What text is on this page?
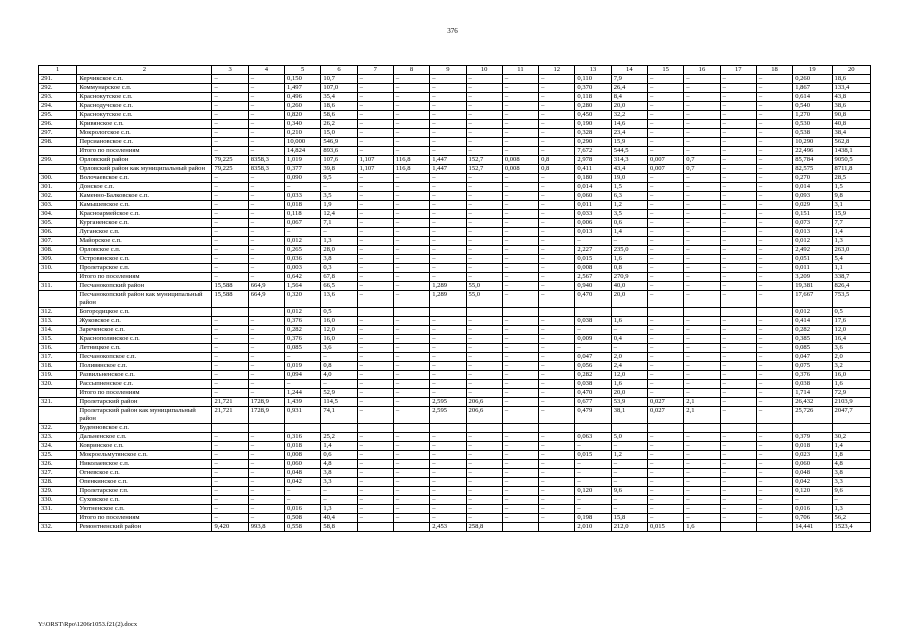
376
1	2	3	4	5	6	7	8	9	10	11	12	13	14	15	16	17	18	19	20
291.	Керчикское с.п.	–	–	0,150	10,7	–	–	–	–	–	–	0,110	7,9	–	–	–	–	0,260	18,6
292.	Коммунарское с.п.	–	–	1,497	107,0	–	–	–	–	–	–	0,370	26,4	–	–	–	–	1,867	133,4
293.	Краснокутское с.п.	–	–	0,496	35,4	–	–	–	–	–	–	0,118	8,4	–	–	–	–	0,614	43,8
294.	Краснодучское с.п.	–	–	0,260	18,6	–	–	–	–	–	–	0,280	20,0	–	–	–	–	0,540	38,6
295.	Краснокутское с.п.	–	–	0,820	58,6	–	–	–	–	–	–	0,450	32,2	–	–	–	–	1,270	90,8
296.	Кривянское с.п.	–	–	0,340	26,2	–	–	–	–	–	–	0,190	14,6	–	–	–	–	0,530	40,8
297.	Мокрологское с.п.	–	–	0,210	15,0	–	–	–	–	–	–	0,328	23,4	–	–	–	–	0,538	38,4
298.	Персиановское с.п.	–	–	10,000	546,9	–	–	–	–	–	–	0,290	15,9	–	–	–	–	10,290	562,8
	Итого по поселениям	–	–	14,824	893,6	–	–	–	–	–	–	7,672	544,5	–	–	–	–	22,496	1438,1
299.	Орловский район	79,225	8358,3	1,019	107,6	1,107	116,8	1,447	152,7	0,008	0,8	2,978	314,3	0,007	0,7	–	–	85,784	9050,5
	Орловский район как муниципальный район	79,225	8358,3	0,377	39,8	1,107	116,8	1,447	152,7	0,008	0,8	0,411	43,4	0,007	0,7	–	–	82,575	8711,8
300.	Волочаевское с.п.	–	–	0,090	9,5	–	–	–	–	–	–	0,180	19,0	–	–	–	–	0,270	28,5
301.	Донское с.п.	–	–	–	–	–	–	–	–	–	–	0,014	1,5	–	–	–	–	0,014	1,5
302.	Каменно-Балковское с.п.	–	–	0,033	3,5	–	–	–	–	–	–	0,060	6,3	–	–	–	–	0,093	9,8
303.	Камышевское с.п.	–	–	0,018	1,9	–	–	–	–	–	–	0,011	1,2	–	–	–	–	0,029	3,1
304.	Красноармейское с.п.	–	–	0,118	12,4	–	–	–	–	–	–	0,033	3,5	–	–	–	–	0,151	15,9
305.	Курганенское с.п.	–	–	0,067	7,1	–	–	–	–	–	–	0,006	0,6	–	–	–	–	0,073	7,7
306.	Луганское с.п.	–	–	–	–	–	–	–	–	–	–	0,013	1,4	–	–	–	–	0,013	1,4
307.	Майорское с.п.	–	–	0,012	1,3	–	–	–	–	–	–	–	–	–	–	–	–	0,012	1,3
308.	Орловское с.п.	–	–	0,265	28,0	–	–	–	–	–	–	2,227	235,0	–	–	–	–	2,492	263,0
309.	Островянское с.п.	–	–	0,036	3,8	–	–	–	–	–	–	0,015	1,6	–	–	–	–	0,051	5,4
310.	Пролетарское с.п.	–	–	0,003	0,3	–	–	–	–	–	–	0,008	0,8	–	–	–	–	0,011	1,1
	Итого по поселениям	–	–	0,642	67,8	–	–	–	–	–	–	2,567	270,9	–	–	–	–	3,209	338,7
311.	Песчанокопский район	15,588	664,9	1,564	66,5	–	–	1,289	55,0	–	–	0,940	40,0	–	–	–	–	19,381	826,4
	Песчанокопский район как муниципальный район	15,588	664,9	0,320	13,6	–	–	1,289	55,0	–	–	0,470	20,0	–	–	–	–	17,667	753,5
312.	Богородицкое с.п.			0,012	0,5													0,012	0,5
313.	Жуковское с.п.	–	–	0,376	16,0	–	–	–	–	–	–	0,038	1,6	–	–	–	–	0,414	17,6
314.	Зареченское с.п.	–	–	0,282	12,0	–	–	–	–	–	–	–	–	–	–	–	–	0,282	12,0
315.	Краснополянское с.п.	–	–	0,376	16,0	–	–	–	–	–	–	0,009	0,4	–	–	–	–	0,385	16,4
316.	Летницкое с.п.	–	–	0,085	3,6	–	–	–	–	–	–	–	–	–	–	–	–	0,085	3,6
317.	Песчанокопское с.п.	–	–	–	–	–	–	–	–	–	–	0,047	2,0	–	–	–	–	0,047	2,0
318.	Поливянское с.п.	–	–	0,019	0,8	–	–	–	–	–	–	0,056	2,4	–	–	–	–	0,075	3,2
319.	Развильненское с.п.	–	–	0,094	4,0	–	–	–	–	–	–	0,282	12,0	–	–	–	–	0,376	16,0
320.	Рассыпненское с.п.	–	–	–	–	–	–	–	–	–	–	0,038	1,6	–	–	–	–	0,038	1,6
	Итого по поселениям	–	–	1,244	52,9	–	–	–	–	–	–	0,470	20,0	–	–	–	–	1,714	72,9
321.	Пролетарский район	21,721	1728,9	1,439	114,5	–	–	2,595	206,6	–	–	0,677	53,9	0,027	2,1	–	–	26,432	2103,9
	Пролетарский район как муниципальный район	21,721	1728,9	0,931	74,1	–	–	2,595	206,6	–	–	0,479	38,1	0,027	2,1	–	–	25,726	2047,7
322.	Буденновское с.п.																		
323.	Дальненское с.п.	–	–	0,316	25,2	–	–	–	–	–	–	0,063	5,0	–	–	–	–	0,379	30,2
324.	Ковринское с.п.	–	–	0,018	1,4	–	–	–	–	–	–	–	–	–	–	–	–	0,018	1,4
325.	Мокроельмутянское с.п.	–	–	0,008	0,6	–	–	–	–	–	–	0,015	1,2	–	–	–	–	0,023	1,8
326.	Николаевское с.п.	–	–	0,060	4,8	–	–	–	–	–	–	–	–	–	–	–	–	0,060	4,8
327.	Огневское с.п.	–	–	0,048	3,8	–	–	–	–	–	–	–	–	–	–	–	–	0,048	3,8
328.	Опенкинское с.п.	–	–	0,042	3,3	–	–	–	–	–	–	–	–	–	–	–	–	0,042	3,3
329.	Пролетарское г.п.	–	–	–	–	–	–	–	–	–	–	0,120	9,6	–	–	–	–	0,120	9,6
330.	Суховское с.п.	–	–	–	–	–	–	–	–	–	–	–	–	–	–	–	–	–	–
331.	Уютненское с.п.	–	–	0,016	1,3	–	–	–	–	–	–	–	–	–	–	–	–	0,016	1,3
	Итого по поселениям	–	–	0,508	40,4	–	–	–	–	–	–	0,198	15,8	–	–	–	–	0,706	56,2
332.	Ремонтненский район	9,420	993,8	0,558	58,8			2,453	258,8			2,010	212,0	0,015	1,6			14,441	1523,4
Y:\ORST\Rpo\1206r1053.f21(2).docx
